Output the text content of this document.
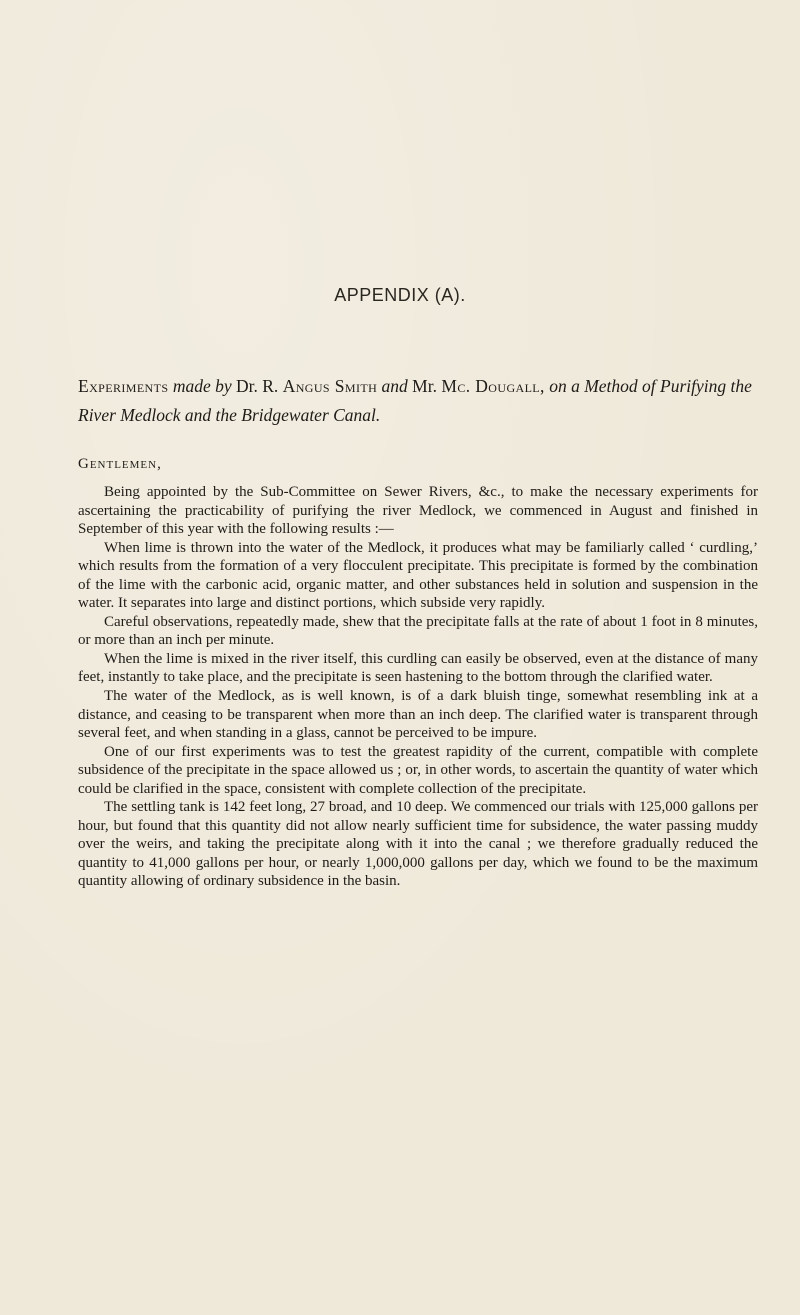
APPENDIX (A).
Experiments made by Dr. R. Angus Smith and Mr. Mc. Dougall, on a Method of Purifying the River Medlock and the Bridgewater Canal.
Gentlemen,

Being appointed by the Sub-Committee on Sewer Rivers, &c., to make the necessary experiments for ascertaining the practicability of purifying the river Medlock, we commenced in August and finished in September of this year with the following results :—

When lime is thrown into the water of the Medlock, it produces what may be familiarly called ‘ curdling,’ which results from the formation of a very flocculent precipitate. This precipitate is formed by the combination of the lime with the carbonic acid, organic matter, and other substances held in solution and suspension in the water. It separates into large and distinct portions, which subside very rapidly.

Careful observations, repeatedly made, shew that the precipitate falls at the rate of about 1 foot in 8 minutes, or more than an inch per minute.

When the lime is mixed in the river itself, this curdling can easily be observed, even at the distance of many feet, instantly to take place, and the precipitate is seen hastening to the bottom through the clarified water.

The water of the Medlock, as is well known, is of a dark bluish tinge, somewhat resembling ink at a distance, and ceasing to be transparent when more than an inch deep. The clarified water is transparent through several feet, and when standing in a glass, cannot be perceived to be impure.

One of our first experiments was to test the greatest rapidity of the current, compatible with complete subsidence of the precipitate in the space allowed us ; or, in other words, to ascertain the quantity of water which could be clarified in the space, consistent with complete collection of the precipitate.

The settling tank is 142 feet long, 27 broad, and 10 deep. We commenced our trials with 125,000 gallons per hour, but found that this quantity did not allow nearly sufficient time for subsidence, the water passing muddy over the weirs, and taking the precipitate along with it into the canal ; we therefore gradually reduced the quantity to 41,000 gallons per hour, or nearly 1,000,000 gallons per day, which we found to be the maximum quantity allowing of ordinary subsidence in the basin.
